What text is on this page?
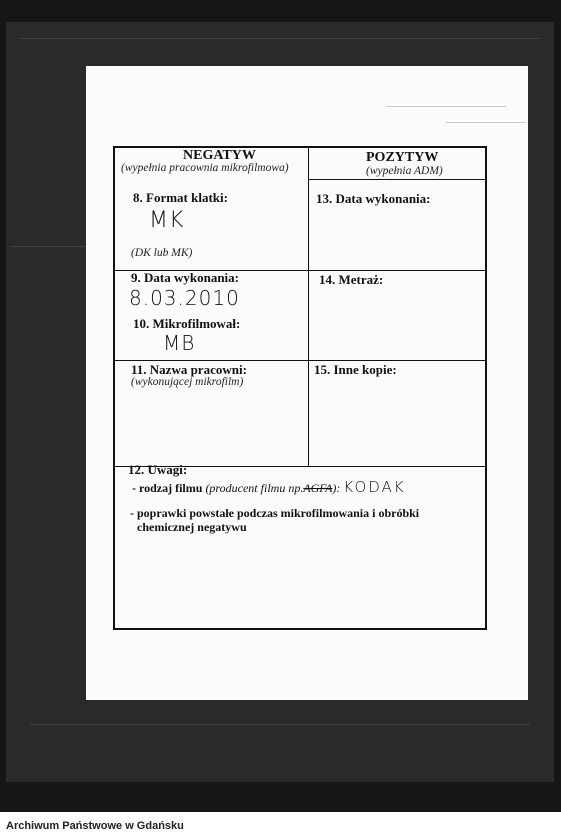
NEGATYW
(wypełnia pracownia mikrofilmowa)
8. Format klatki:
MK
(DK lub MK)
9. Data wykonania:
8.03.2010
10. Mikrofilmował:
MB
11. Nazwa pracowni:
(wykonującej mikrofilm)
POZYTYW
(wypełnia ADM)
13. Data wykonania:
14. Metraż:
15. Inne kopie:
12. Uwagi:
- rodzaj filmu (producent filmu np.AGFA): KODAK
- poprawki powstałe podczas mikrofilmowania i obróbki
chemicznej negatywu
Archiwum Państwowe w Gdańsku
